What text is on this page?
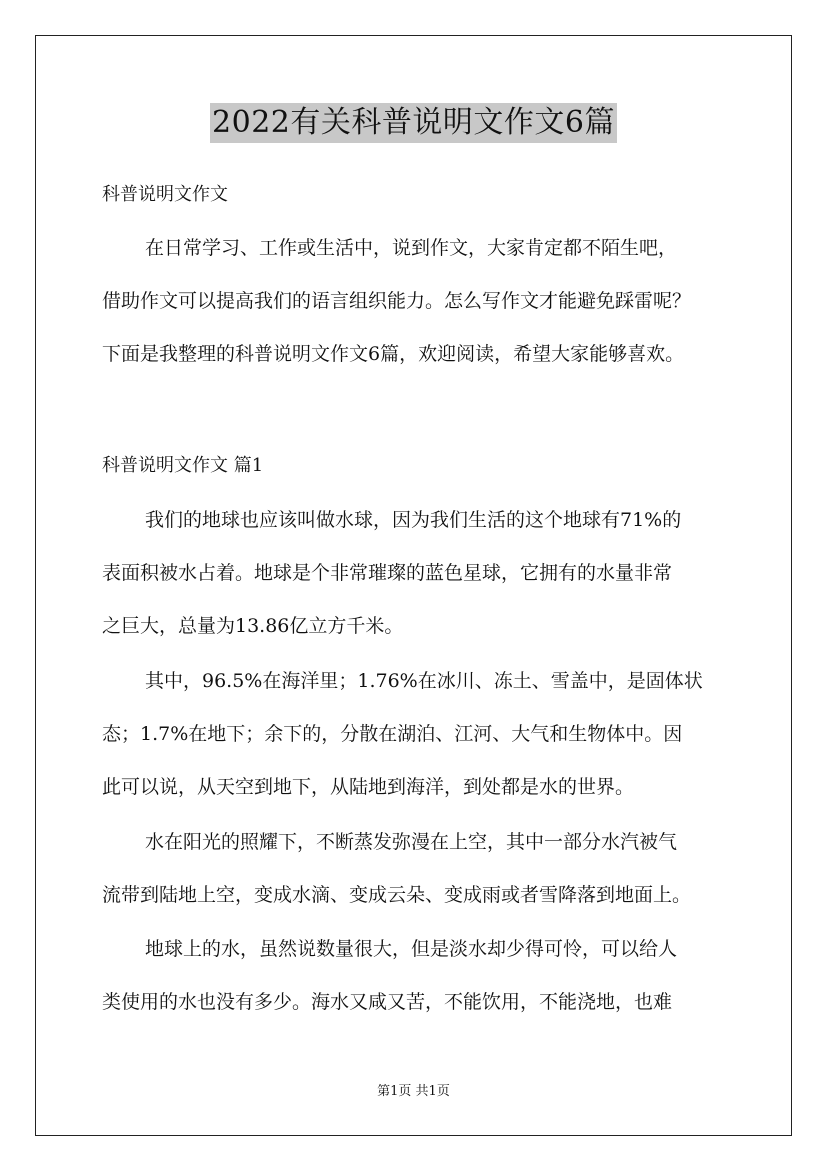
2022有关科普说明文作文6篇
科普说明文作文
在日常学习、工作或生活中，说到作文，大家肯定都不陌生吧，
借助作文可以提高我们的语言组织能力。怎么写作文才能避免踩雷呢？
下面是我整理的科普说明文作文6篇，欢迎阅读，希望大家能够喜欢。
科普说明文作文 篇1
我们的地球也应该叫做水球，因为我们生活的这个地球有71%的
表面积被水占着。地球是个非常璀璨的蓝色星球，它拥有的水量非常
之巨大，总量为13.86亿立方千米。
其中，96.5%在海洋里；1.76%在冰川、冻土、雪盖中，是固体状
态；1.7%在地下；余下的，分散在湖泊、江河、大气和生物体中。因
此可以说，从天空到地下，从陆地到海洋，到处都是水的世界。
水在阳光的照耀下，不断蒸发弥漫在上空，其中一部分水汽被气
流带到陆地上空，变成水滴、变成云朵、变成雨或者雪降落到地面上。
地球上的水，虽然说数量很大，但是淡水却少得可怜，可以给人
类使用的水也没有多少。海水又咸又苦，不能饮用，不能浇地，也难
第1页 共1页
